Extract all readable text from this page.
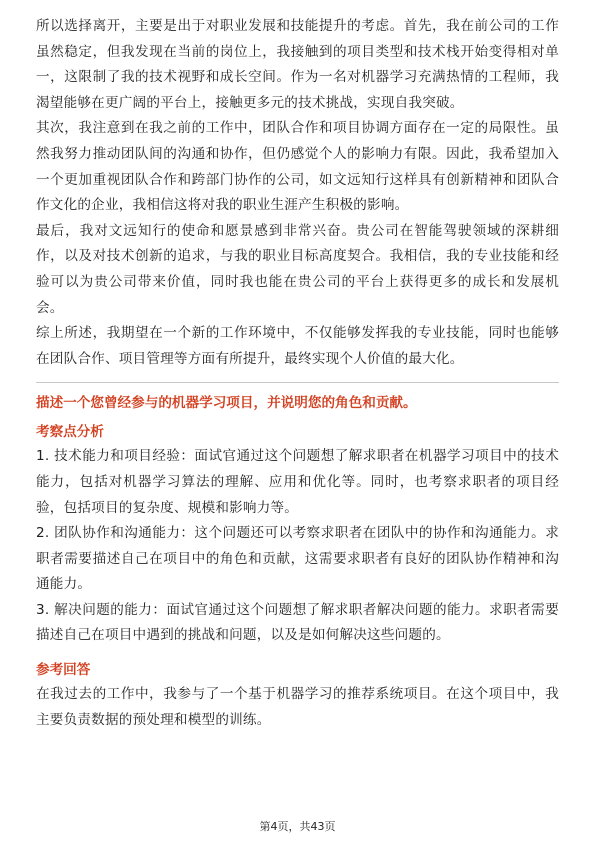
所以选择离开，主要是出于对职业发展和技能提升的考虑。首先，我在前公司的工作虽然稳定，但我发现在当前的岗位上，我接触到的项目类型和技术栈开始变得相对单一，这限制了我的技术视野和成长空间。作为一名对机器学习充满热情的工程师，我渴望能够在更广阔的平台上，接触更多元的技术挑战，实现自我突破。

其次，我注意到在我之前的工作中，团队合作和项目协调方面存在一定的局限性。虽然我努力推动团队间的沟通和协作，但仍感觉个人的影响力有限。因此，我希望加入一个更加重视团队合作和跨部门协作的公司，如文远知行这样具有创新精神和团队合作文化的企业，我相信这将对我的职业生涯产生积极的影响。

最后，我对文远知行的使命和愿景感到非常兴奋。贵公司在智能驾驶领域的深耕细作，以及对技术创新的追求，与我的职业目标高度契合。我相信，我的专业技能和经验可以为贵公司带来价值，同时我也能在贵公司的平台上获得更多的成长和发展机会。

综上所述，我期望在一个新的工作环境中，不仅能够发挥我的专业技能，同时也能够在团队合作、项目管理等方面有所提升，最终实现个人价值的最大化。

描述一个您曾经参与的机器学习项目，并说明您的角色和贡献。

考察点分析

1. 技术能力和项目经验：面试官通过这个问题想了解求职者在机器学习项目中的技术能力，包括对机器学习算法的理解、应用和优化等。同时，也考察求职者的项目经验，包括项目的复杂度、规模和影响力等。

2. 团队协作和沟通能力：这个问题还可以考察求职者在团队中的协作和沟通能力。求职者需要描述自己在项目中的角色和贡献，这需要求职者有良好的团队协作精神和沟通能力。

3. 解决问题的能力：面试官通过这个问题想了解求职者解决问题的能力。求职者需要描述自己在项目中遇到的挑战和问题，以及是如何解决这些问题的。

参考回答

在我过去的工作中，我参与了一个基于机器学习的推荐系统项目。在这个项目中，我主要负责数据的预处理和模型的训练。

第4页，共43页
